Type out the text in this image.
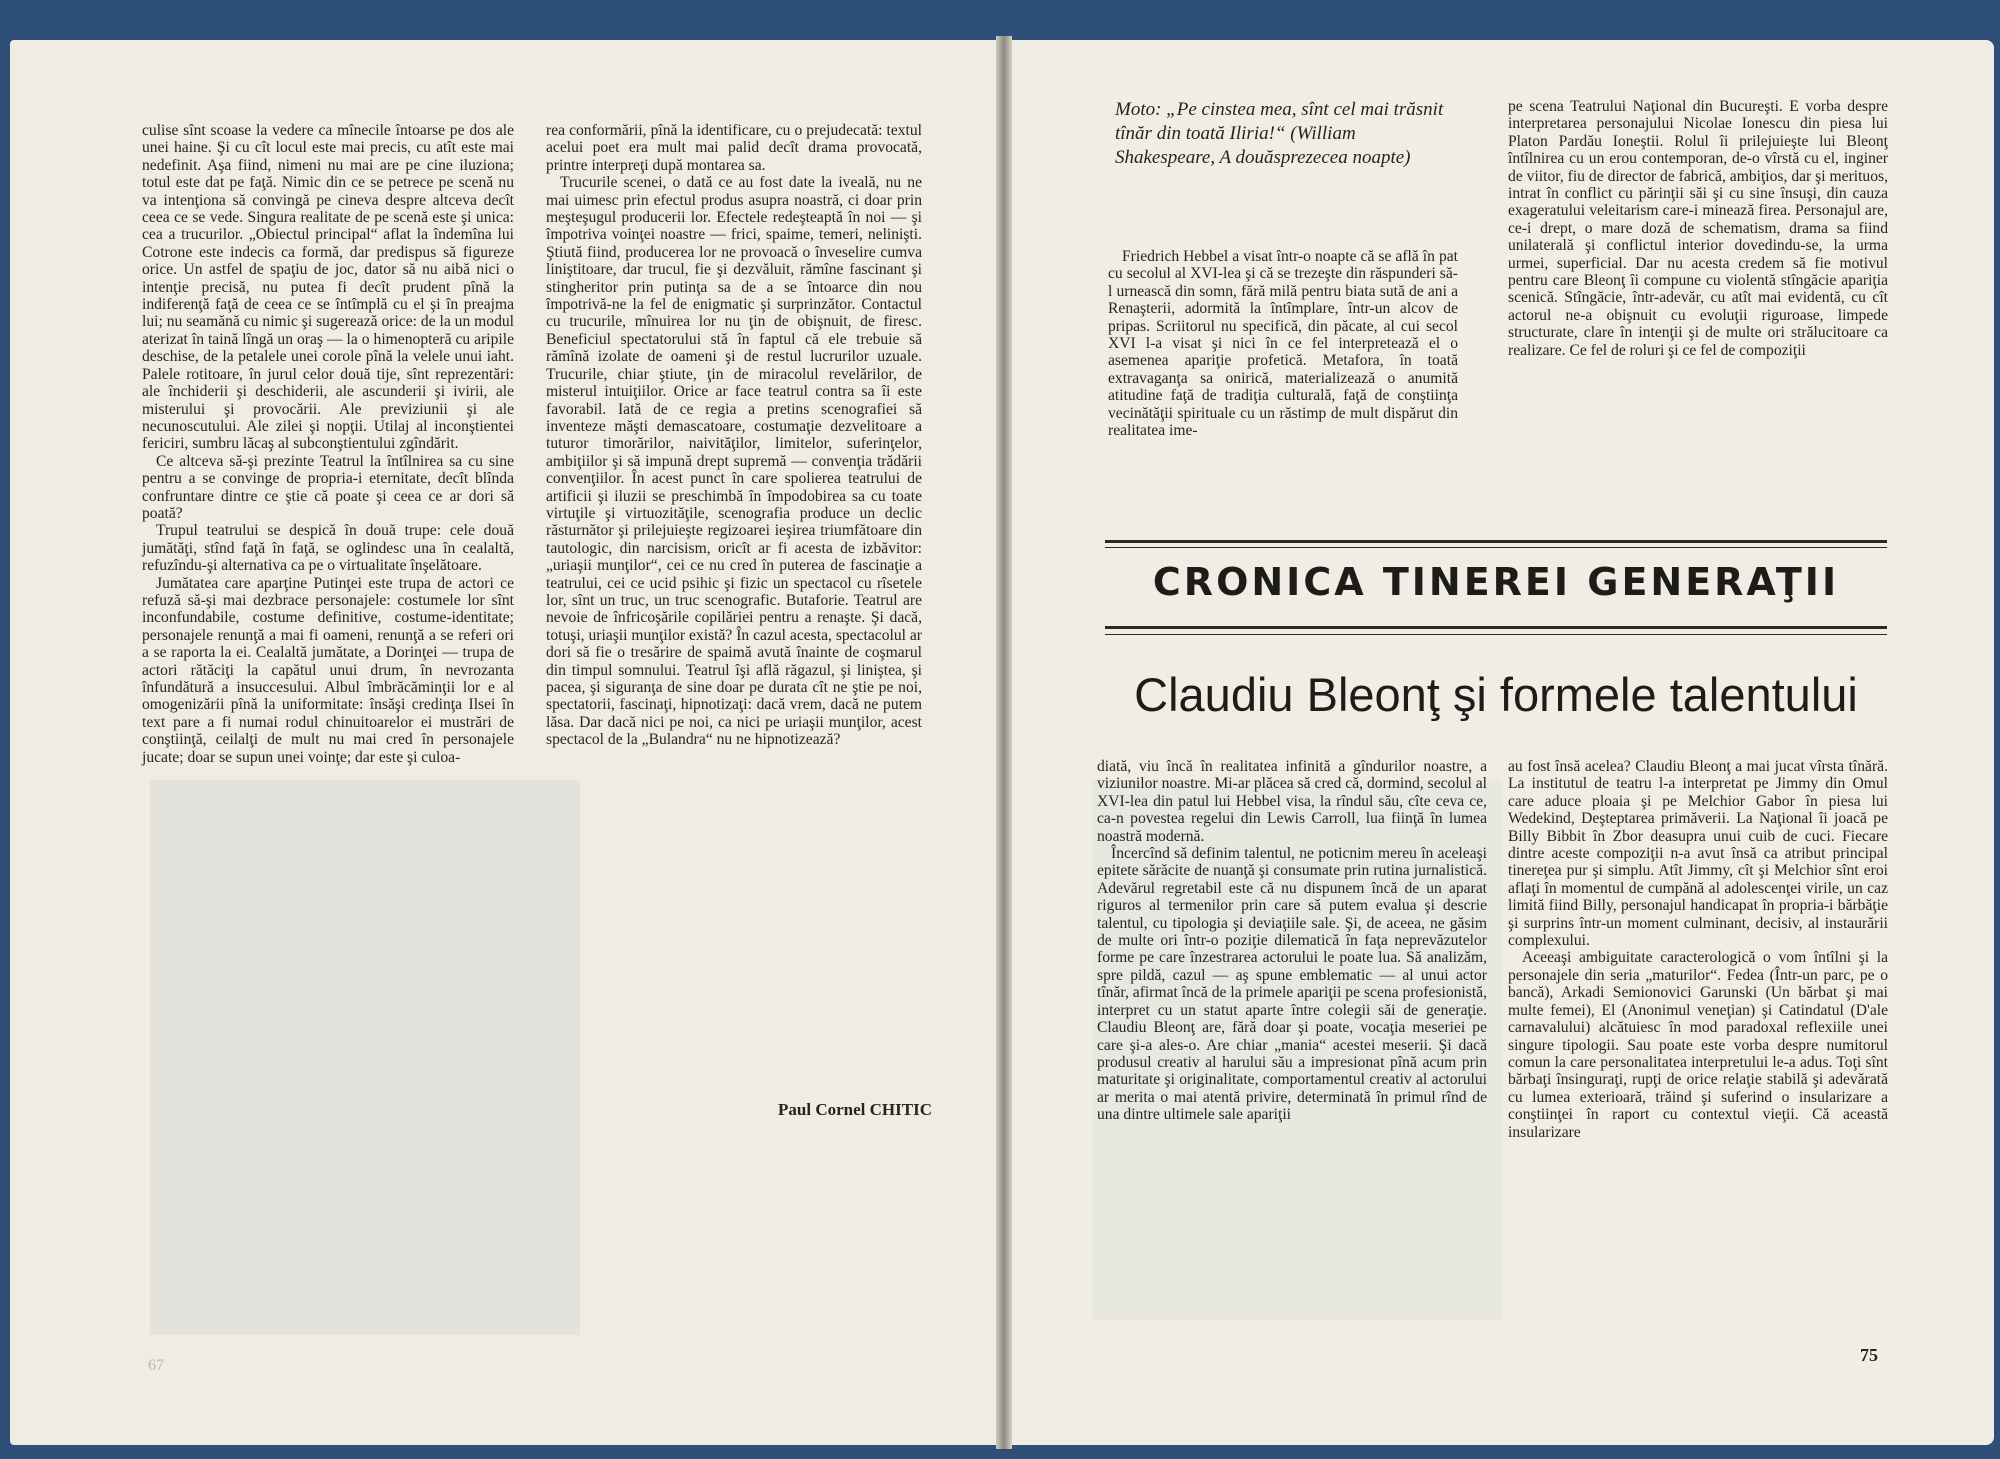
culise sînt scoase la vedere ca mînecile întoarse pe dos ale unei haine. Şi cu cît locul este mai precis, cu atît este mai nedefinit. Aşa fiind, nimeni nu mai are pe cine iluziona; totul este dat pe faţă. Nimic din ce se petrece pe scenă nu va intenţiona să convingă pe cineva despre altceva decît ceea ce se vede. Singura realitate de pe scenă este şi unica: cea a trucurilor. „Obiectul principal“ aflat la îndemîna lui Cotrone este indecis ca formă, dar predispus să figureze orice. Un astfel de spaţiu de joc, dator să nu aibă nici o intenţie precisă, nu putea fi decît prudent pînă la indiferenţă faţă de ceea ce se întîmplă cu el şi în preajma lui; nu seamănă cu nimic şi sugerează orice: de la un modul aterizat în taină lîngă un oraş — la o himenopteră cu aripile deschise, de la petalele unei corole pînă la velele unui iaht. Palele rotitoare, în jurul celor două tije, sînt reprezentări: ale închiderii şi deschiderii, ale ascunderii şi ivirii, ale misterului şi provocării. Ale previziunii şi ale necunoscutului. Ale zilei şi nopţii. Utilaj al inconştientei fericiri, sumbru lăcaş al subconştientului zgîndărit.

Ce altceva să-şi prezinte Teatrul la întîlnirea sa cu sine pentru a se convinge de propria-i eternitate, decît blînda confruntare dintre ce ştie că poate şi ceea ce ar dori să poată?

Trupul teatrului se despică în două trupe: cele două jumătăţi, stînd faţă în faţă, se oglindesc una în cealaltă, refuzîndu-şi alternativa ca pe o virtualitate înşelătoare.

Jumătatea care aparţine Putinţei este trupa de actori ce refuză să-şi mai dezbrace personajele: costumele lor sînt inconfundabile, costume definitive, costume-identitate; personajele renunţă a mai fi oameni, renunţă a se referi ori a se raporta la ei. Cealaltă jumătate, a Dorinţei — trupa de actori rătăciţi la capătul unui drum, în nevrozanta înfundătură a insuccesului. Albul îmbrăcăminţii lor e al omogenizării pînă la uniformitate: însăşi credinţa Ilsei în text pare a fi numai rodul chinuitoarelor ei mustrări de conştiinţă, ceilalţi de mult nu mai cred în personajele jucate; doar se supun unei voinţe; dar este şi culoa-

rea conformării, pînă la identificare, cu o prejudecată: textul acelui poet era mult mai palid decît drama provocată, printre interpreţi după montarea sa.

Trucurile scenei, o dată ce au fost date la iveală, nu ne mai uimesc prin efectul produs asupra noastră, ci doar prin meşteşugul producerii lor. Efectele redeşteaptă în noi — şi împotriva voinţei noastre — frici, spaime, temeri, nelinişti. Ştiută fiind, producerea lor ne provoacă o înveselire cumva liniştitoare, dar trucul, fie şi dezvăluit, rămîne fascinant şi stingheritor prin putinţa sa de a se întoarce din nou împotrivă-ne la fel de enigmatic şi surprinzător. Contactul cu trucurile, mînuirea lor nu ţin de obişnuit, de firesc. Beneficiul spectatorului stă în faptul că ele trebuie să rămînă izolate de oameni şi de restul lucrurilor uzuale. Trucurile, chiar ştiute, ţin de miracolul revelărilor, de misterul intuiţiilor. Orice ar face teatrul contra sa îi este favorabil. Iată de ce regia a pretins scenografiei să inventeze măşti demascatoare, costumaţie dezvelitoare a tuturor timorărilor, naivităţilor, limitelor, suferinţelor, ambiţiilor şi să impună drept supremă — convenţia trădării convenţiilor. În acest punct în care spolierea teatrului de artificii şi iluzii se preschimbă în împodobirea sa cu toate virtuţile şi virtuozităţile, scenografia produce un declic răsturnător şi prilejuieşte regizoarei ieşirea triumfătoare din tautologic, din narcisism, oricît ar fi acesta de izbăvitor: „uriaşii munţilor“, cei ce nu cred în puterea de fascinaţie a teatrului, cei ce ucid psihic şi fizic un spectacol cu rîsetele lor, sînt un truc, un truc scenografic. Butaforie. Teatrul are nevoie de înfricoşările copilăriei pentru a renaşte. Şi dacă, totuşi, uriaşii munţilor există? În cazul acesta, spectacolul ar dori să fie o tresărire de spaimă avută înainte de coşmarul din timpul somnului. Teatrul îşi află răgazul, şi liniştea, şi pacea, şi siguranţa de sine doar pe durata cît ne ştie pe noi, spectatorii, fascinaţi, hipnotizaţi: dacă vrem, dacă ne putem lăsa. Dar dacă nici pe noi, ca nici pe uriaşii munţilor, acest spectacol de la „Bulandra“ nu ne hipnotizează?

Paul Cornel CHITIC
67
Moto: „Pe cinstea mea, sînt cel mai trăsnit tînăr din toată Iliria!“ (William Shakespeare, A douăsprezecea noapte)

Friedrich Hebbel a visat într-o noapte că se află în pat cu secolul al XVI-lea şi că se trezeşte din răspunderi să-l urnească din somn, fără milă pentru biata sută de ani a Renaşterii, adormită la întîmplare, într-un alcov de pripas. Scriitorul nu specifică, din păcate, al cui secol XVI l-a visat şi nici în ce fel interpretează el o asemenea apariţie profetică. Metafora, în toată extravaganţa sa onirică, materializează o anumită atitudine faţă de tradiţia culturală, faţă de conştiinţa vecinătăţii spirituale cu un răstimp de mult dispărut din realitatea ime-

pe scena Teatrului Naţional din Bucureşti. E vorba despre interpretarea personajului Nicolae Ionescu din piesa lui Platon Pardău Ioneştii. Rolul îi prilejuieşte lui Bleonţ întîlnirea cu un erou contemporan, de-o vîrstă cu el, inginer de viitor, fiu de director de fabrică, ambiţios, dar şi merituos, intrat în conflict cu părinţii săi şi cu sine însuşi, din cauza exageratului veleitarism care-i minează firea. Personajul are, ce-i drept, o mare doză de schematism, drama sa fiind unilaterală şi conflictul interior dovedindu-se, la urma urmei, superficial. Dar nu acesta credem să fie motivul pentru care Bleonţ îi compune cu violentă stîngăcie apariţia scenică. Stîngăcie, într-adevăr, cu atît mai evidentă, cu cît actorul ne-a obişnuit cu evoluţii riguroase, limpede structurate, clare în intenţii şi de multe ori strălucitoare ca realizare. Ce fel de roluri şi ce fel de compoziţii

CRONICA TINEREI GENERAŢII
Claudiu Bleonţ şi formele talentului

diată, viu încă în realitatea infinită a gîndurilor noastre, a viziunilor noastre. Mi-ar plăcea să cred că, dormind, secolul al XVI-lea din patul lui Hebbel visa, la rîndul său, cîte ceva ce, ca-n povestea regelui din Lewis Carroll, lua fiinţă în lumea noastră modernă.

Încercînd să definim talentul, ne poticnim mereu în aceleaşi epitete sărăcite de nuanţă şi consumate prin rutina jurnalistică. Adevărul regretabil este că nu dispunem încă de un aparat riguros al termenilor prin care să putem evalua şi descrie talentul, cu tipologia şi deviaţiile sale. Şi, de aceea, ne găsim de multe ori într-o poziţie dilematică în faţa neprevăzutelor forme pe care înzestrarea actorului le poate lua. Să analizăm, spre pildă, cazul — aş spune emblematic — al unui actor tînăr, afirmat încă de la primele apariţii pe scena profesionistă, interpret cu un statut aparte între colegii săi de generaţie. Claudiu Bleonţ are, fără doar şi poate, vocaţia meseriei pe care şi-a ales-o. Are chiar „mania“ acestei meserii. Şi dacă produsul creativ al harului său a impresionat pînă acum prin maturitate şi originalitate, comportamentul creativ al actorului ar merita o mai atentă privire, determinată în primul rînd de una dintre ultimele sale apariţii

au fost însă acelea? Claudiu Bleonţ a mai jucat vîrsta tînără. La institutul de teatru l-a interpretat pe Jimmy din Omul care aduce ploaia şi pe Melchior Gabor în piesa lui Wedekind, Deşteptarea primăverii. La Naţional îi joacă pe Billy Bibbit în Zbor deasupra unui cuib de cuci. Fiecare dintre aceste compoziţii n-a avut însă ca atribut principal tinereţea pur şi simplu. Atît Jimmy, cît şi Melchior sînt eroi aflaţi în momentul de cumpănă al adolescenţei virile, un caz limită fiind Billy, personajul handicapat în propria-i bărbăţie şi surprins într-un moment culminant, decisiv, al instaurării complexului.

Aceeaşi ambiguitate caracterologică o vom întîlni şi la personajele din seria „maturilor“. Fedea (Într-un parc, pe o bancă), Arkadi Semionovici Garunski (Un bărbat şi mai multe femei), El (Anonimul veneţian) şi Catindatul (D'ale carnavalului) alcătuiesc în mod paradoxal reflexiile unei singure tipologii. Sau poate este vorba despre numitorul comun la care personalitatea interpretului le-a adus. Toţi sînt bărbaţi însinguraţi, rupţi de orice relaţie stabilă şi adevărată cu lumea exterioară, trăind şi suferind o insularizare a conştiinţei în raport cu contextul vieţii. Că această insularizare

75
